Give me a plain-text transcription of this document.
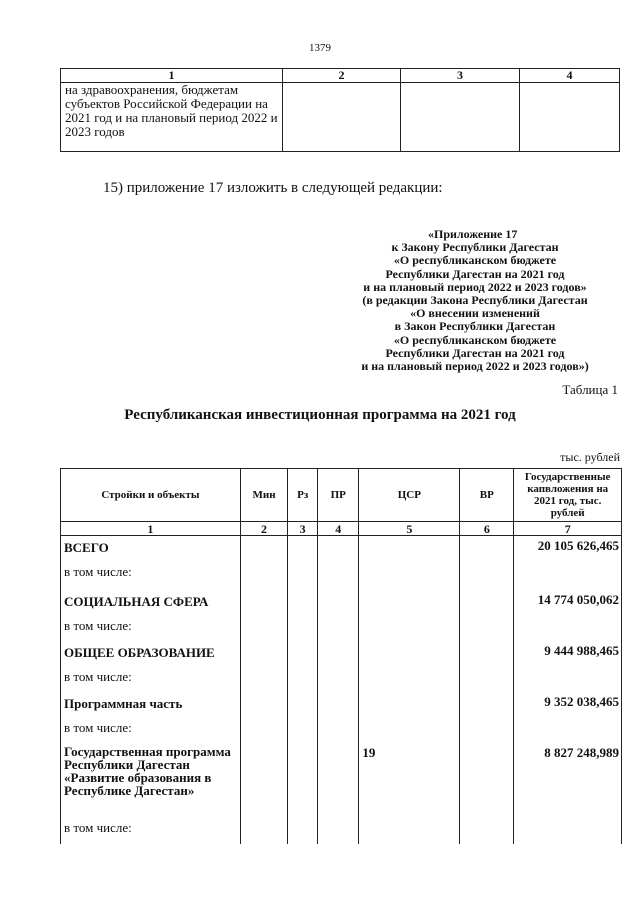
1379
1	2	3	4
на здравоохранения, бюджетам субъектов Российской Федерации на 2021 год и на плановый период 2022 и 2023 годов			
15) приложение 17 изложить в следующей редакции:
«Приложение 17
к Закону Республики Дагестан
«О республиканском бюджете
Республики Дагестан на 2021 год
и на плановый период 2022 и 2023 годов»
(в редакции Закона Республики Дагестан
«О внесении изменений
в Закон Республики Дагестан
«О республиканском бюджете
Республики Дагестан на 2021 год
и на плановый период 2022 и 2023 годов»)
Таблица 1
Республиканская инвестиционная программа на 2021 год
тыс. рублей
Стройки и объекты	Мин	Рз	ПР	ЦСР	ВР	Государственные капвложения на 2021 год, тыс. рублей
1	2	3	4	5	6	7
ВСЕГО						20 105 626,465
в том числе:						
СОЦИАЛЬНАЯ СФЕРА						14 774 050,062
в том числе:						
ОБЩЕЕ ОБРАЗОВАНИЕ						9 444 988,465
в том числе:						
Программная часть						9 352 038,465
в том числе:						
Государственная программа Республики Дагестан «Развитие образования в Республике Дагестан»				19		8 827 248,989
в том числе:						
